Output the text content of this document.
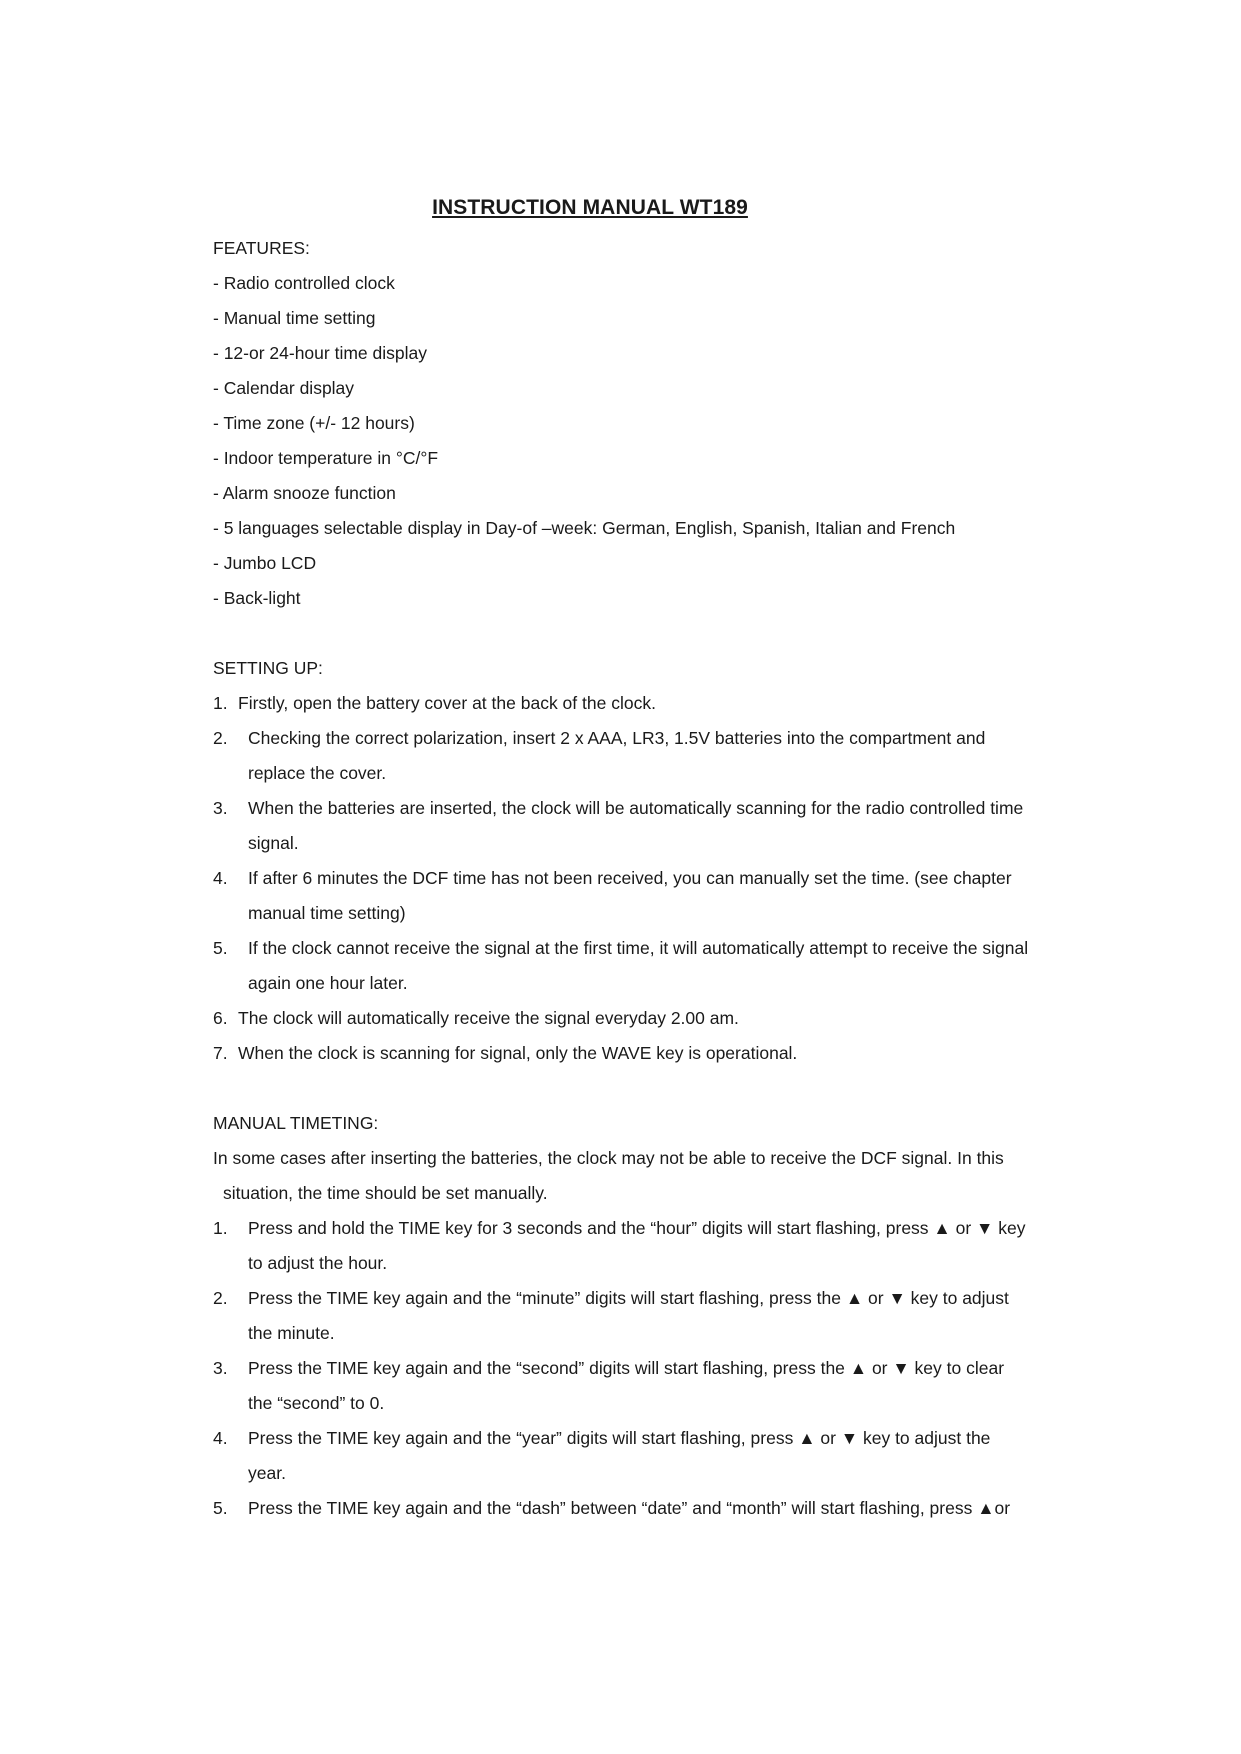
INSTRUCTION MANUAL WT189
FEATURES:
- Radio controlled clock
- Manual time setting
- 12-or 24-hour time display
- Calendar display
- Time zone (+/- 12 hours)
- Indoor temperature in °C/°F
- Alarm snooze function
- 5 languages selectable display in Day-of –week: German, English, Spanish, Italian and French
- Jumbo LCD
- Back-light
SETTING UP:
1. Firstly, open the battery cover at the back of the clock.
2. Checking the correct polarization, insert 2 x AAA, LR3, 1.5V batteries into the compartment and
replace the cover.
3. When the batteries are inserted, the clock will be automatically scanning for the radio controlled time
signal.
4. If after 6 minutes the DCF time has not been received, you can manually set the time. (see chapter
manual time setting)
5. If the clock cannot receive the signal at the first time, it will automatically attempt to receive the signal
again one hour later.
6. The clock will automatically receive the signal everyday 2.00 am.
7. When the clock is scanning for signal, only the WAVE key is operational.
MANUAL TIMETING:
In some cases after inserting the batteries, the clock may not be able to receive the DCF signal. In this
situation, the time should be set manually.
1. Press and hold the TIME key for 3 seconds and the “hour” digits will start flashing, press ▲ or ▼ key
to adjust the hour.
2. Press the TIME key again and the “minute” digits will start flashing, press the ▲ or ▼ key to adjust
the minute.
3. Press the TIME key again and the “second” digits will start flashing, press the ▲ or ▼ key to clear
the “second” to 0.
4. Press the TIME key again and the “year” digits will start flashing, press ▲ or ▼ key to adjust the
year.
5. Press the TIME key again and the “dash” between “date” and “month” will start flashing, press ▲or
